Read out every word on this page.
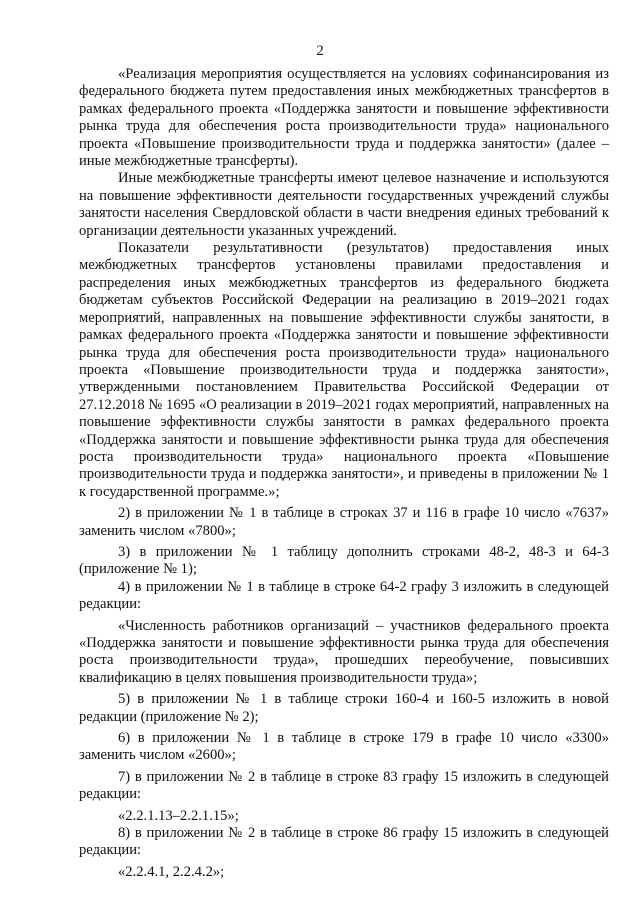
2

«Реализация мероприятия осуществляется на условиях софинансирования из федерального бюджета путем предоставления иных межбюджетных трансфертов в рамках федерального проекта «Поддержка занятости и повышение эффективности рынка труда для обеспечения роста производительности труда» национального проекта «Повышение производительности труда и поддержка занятости» (далее – иные межбюджетные трансферты).

Иные межбюджетные трансферты имеют целевое назначение и используются на повышение эффективности деятельности государственных учреждений службы занятости населения Свердловской области в части внедрения единых требований к организации деятельности указанных учреждений.

Показатели результативности (результатов) предоставления иных межбюджетных трансфертов установлены правилами предоставления и распределения иных межбюджетных трансфертов из федерального бюджета бюджетам субъектов Российской Федерации на реализацию в 2019–2021 годах мероприятий, направленных на повышение эффективности службы занятости, в рамках федерального проекта «Поддержка занятости и повышение эффективности рынка труда для обеспечения роста производительности труда» национального проекта «Повышение производительности труда и поддержка занятости», утвержденными постановлением Правительства Российской Федерации от 27.12.2018 № 1695 «О реализации в 2019–2021 годах мероприятий, направленных на повышение эффективности службы занятости в рамках федерального проекта «Поддержка занятости и повышение эффективности рынка труда для обеспечения роста производительности труда» национального проекта «Повышение производительности труда и поддержка занятости», и приведены в приложении № 1 к государственной программе.»;

2) в приложении № 1 в таблице в строках 37 и 116 в графе 10 число «7637» заменить числом «7800»;

3) в приложении № 1 таблицу дополнить строками 48-2, 48-3 и 64-3 (приложение № 1);

4) в приложении № 1 в таблице в строке 64-2 графу 3 изложить в следующей редакции:

«Численность работников организаций – участников федерального проекта «Поддержка занятости и повышение эффективности рынка труда для обеспечения роста производительности труда», прошедших переобучение, повысивших квалификацию в целях повышения производительности труда»;

5) в приложении № 1 в таблице строки 160-4 и 160-5 изложить в новой редакции (приложение № 2);

6) в приложении № 1 в таблице в строке 179 в графе 10 число «3300» заменить числом «2600»;

7) в приложении № 2 в таблице в строке 83 графу 15 изложить в следующей редакции:

«2.2.1.13–2.2.1.15»;

8) в приложении № 2 в таблице в строке 86 графу 15 изложить в следующей редакции:

«2.2.4.1, 2.2.4.2»;
